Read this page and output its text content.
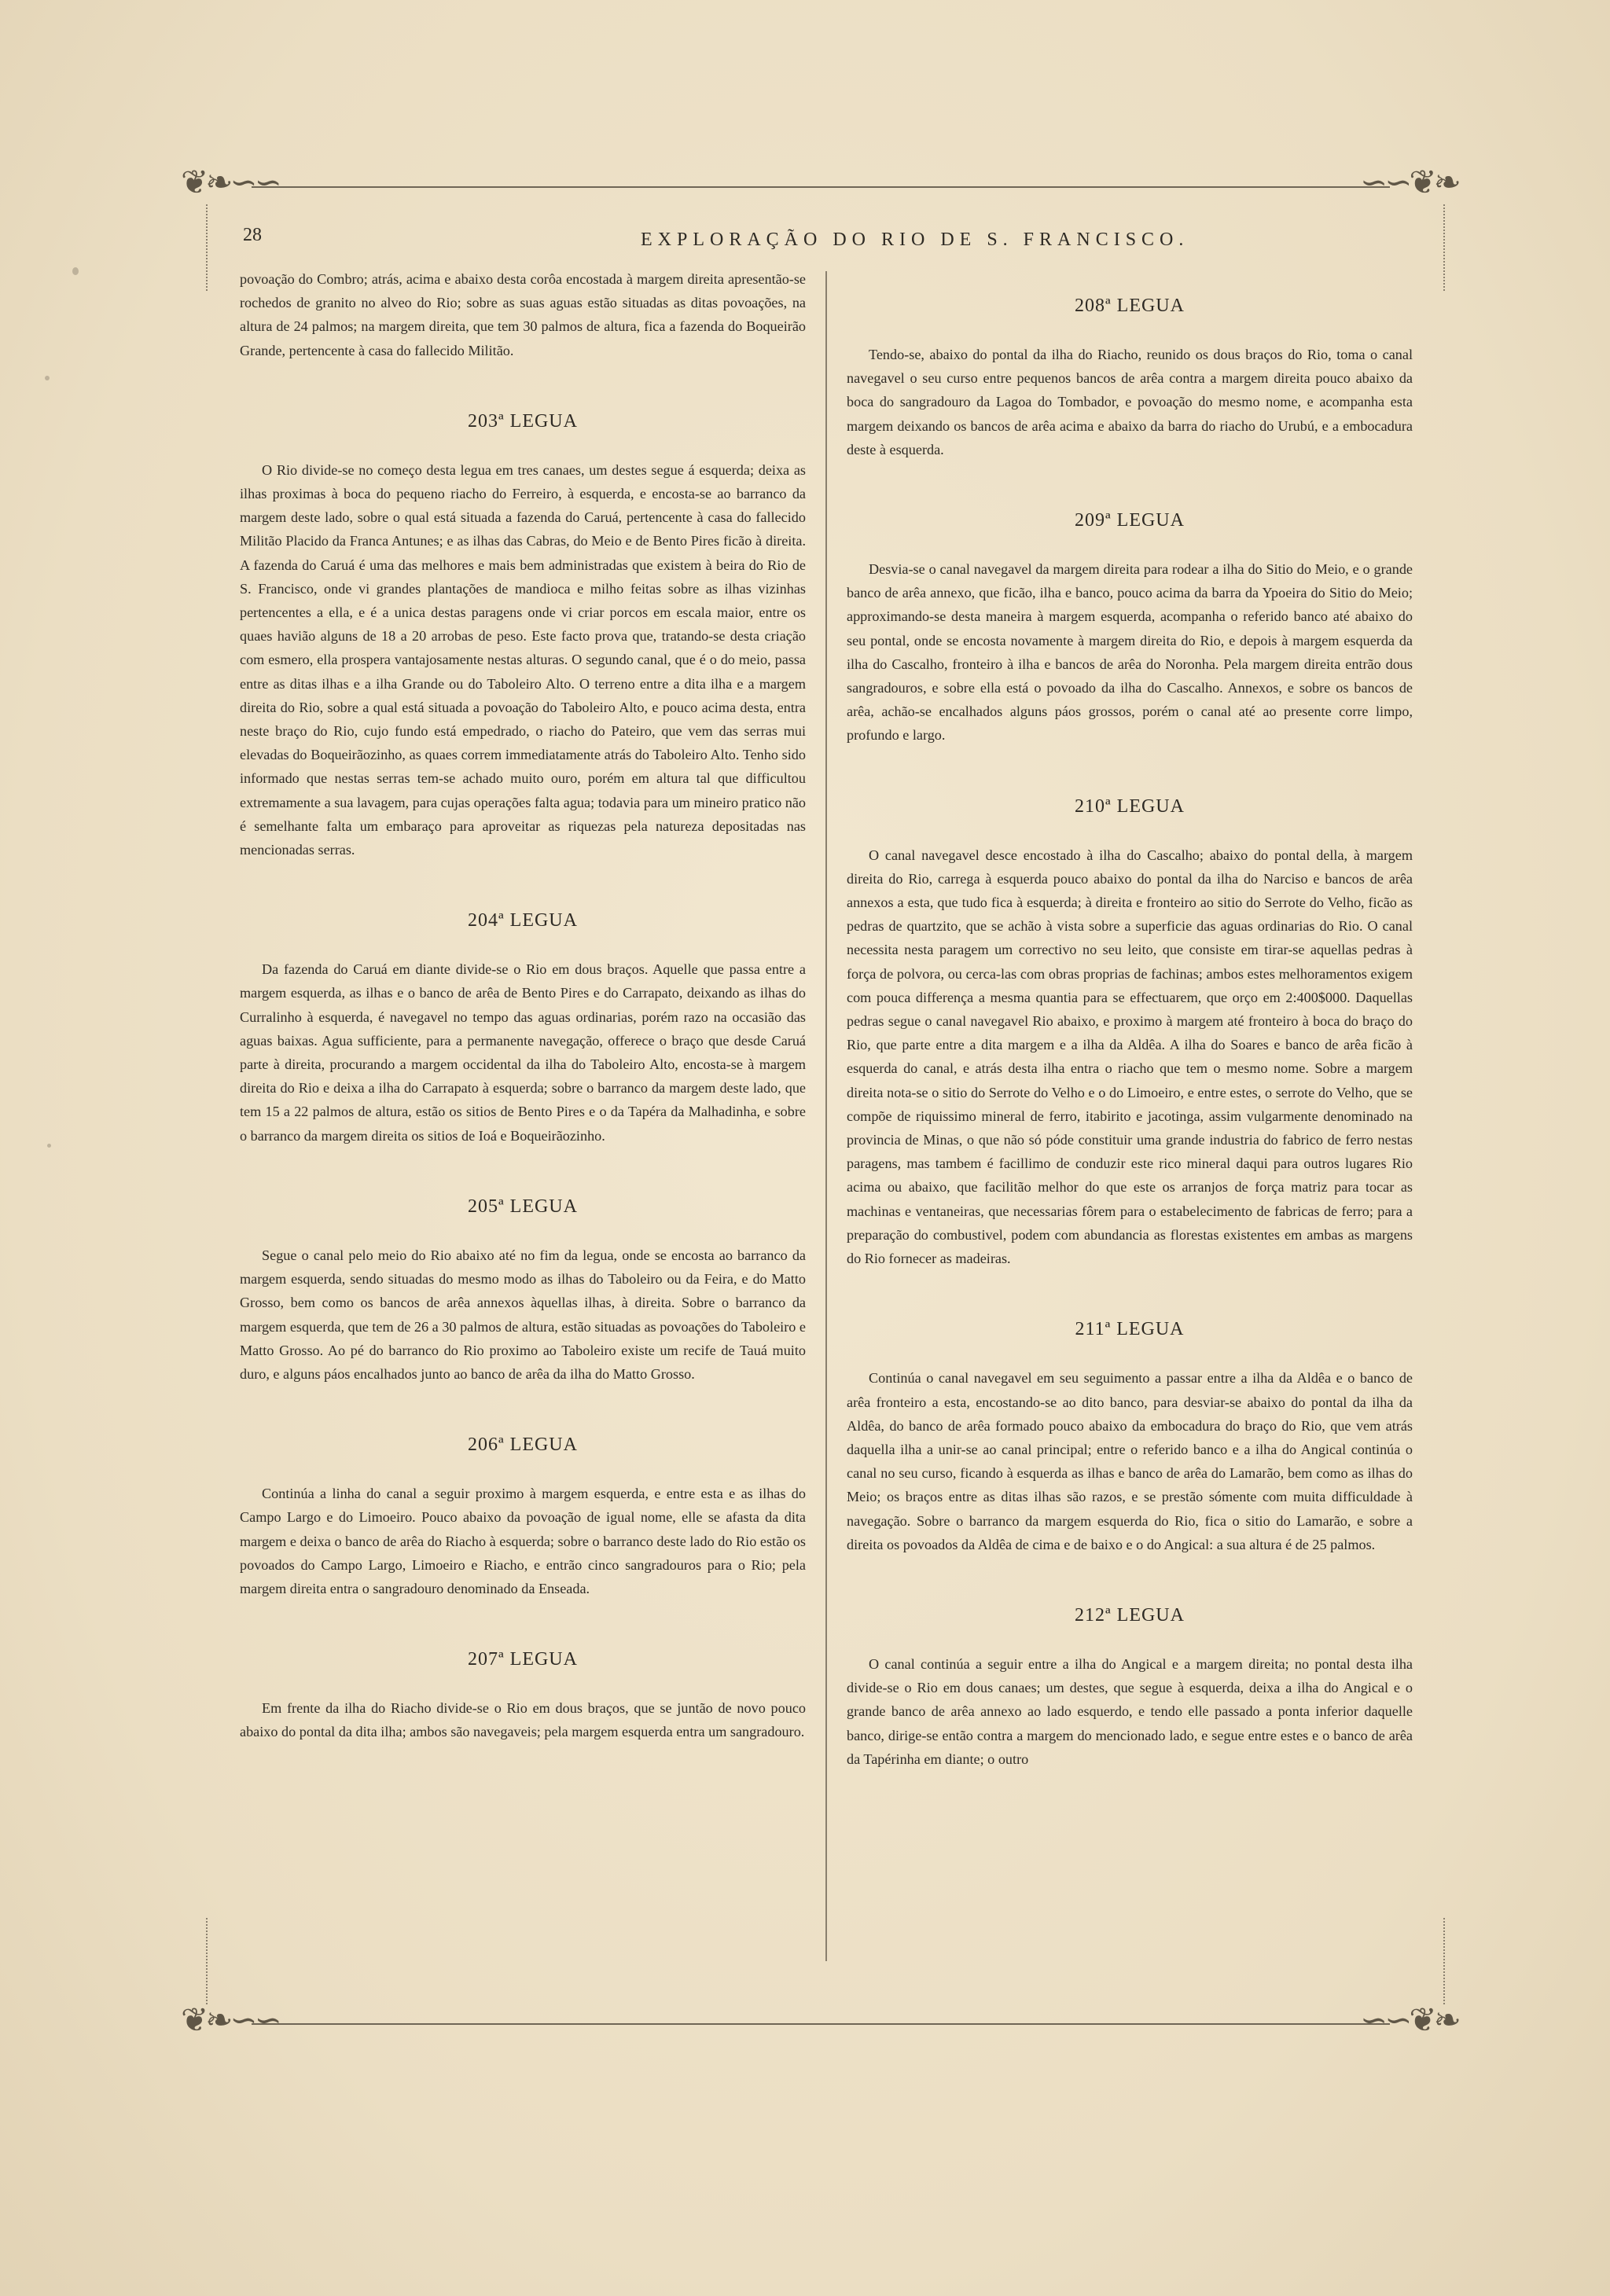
❦❧∽∽	∽∽❦❧
❦❧∽∽	∽∽❦❧
28	EXPLORAÇÃO DO RIO DE S. FRANCISCO.

povoação do Combro; atrás, acima e abaixo desta corôa encostada à margem direita apresentão-se rochedos de granito no alveo do Rio; sobre as suas aguas estão situadas as ditas povoações, na altura de 24 palmos; na margem direita, que tem 30 palmos de altura, fica a fazenda do Boqueirão Grande, pertencente à casa do fallecido Militão.

203ª LEGUA

O Rio divide-se no começo desta legua em tres canaes, um destes segue á esquerda; deixa as ilhas proximas à boca do pequeno riacho do Ferreiro, à esquerda, e encosta-se ao barranco da margem deste lado, sobre o qual está situada a fazenda do Caruá, pertencente à casa do fallecido Militão Placido da Franca Antunes; e as ilhas das Cabras, do Meio e de Bento Pires ficão à direita. A fazenda do Caruá é uma das melhores e mais bem administradas que existem à beira do Rio de S. Francisco, onde vi grandes plantações de mandioca e milho feitas sobre as ilhas vizinhas pertencentes a ella, e é a unica destas paragens onde vi criar porcos em escala maior, entre os quaes havião alguns de 18 a 20 arrobas de peso. Este facto prova que, tratando-se desta criação com esmero, ella prospera vantajosamente nestas alturas. O segundo canal, que é o do meio, passa entre as ditas ilhas e a ilha Grande ou do Taboleiro Alto. O terreno entre a dita ilha e a margem direita do Rio, sobre a qual está situada a povoação do Taboleiro Alto, e pouco acima desta, entra neste braço do Rio, cujo fundo está empedrado, o riacho do Pateiro, que vem das serras mui elevadas do Boqueirãozinho, as quaes correm immediatamente atrás do Taboleiro Alto. Tenho sido informado que nestas serras tem-se achado muito ouro, porém em altura tal que difficultou extremamente a sua lavagem, para cujas operações falta agua; todavia para um mineiro pratico não é semelhante falta um embaraço para aproveitar as riquezas pela natureza depositadas nas mencionadas serras.

204ª LEGUA

Da fazenda do Caruá em diante divide-se o Rio em dous braços. Aquelle que passa entre a margem esquerda, as ilhas e o banco de arêa de Bento Pires e do Carrapato, deixando as ilhas do Curralinho à esquerda, é navegavel no tempo das aguas ordinarias, porém razo na occasião das aguas baixas. Agua sufficiente, para a permanente navegação, offerece o braço que desde Caruá parte à direita, procurando a margem occidental da ilha do Taboleiro Alto, encosta-se à margem direita do Rio e deixa a ilha do Carrapato à esquerda; sobre o barranco da margem deste lado, que tem 15 a 22 palmos de altura, estão os sitios de Bento Pires e o da Tapéra da Malhadinha, e sobre o barranco da margem direita os sitios de Ioá e Boqueirãozinho.

205ª LEGUA

Segue o canal pelo meio do Rio abaixo até no fim da legua, onde se encosta ao barranco da margem esquerda, sendo situadas do mesmo modo as ilhas do Taboleiro ou da Feira, e do Matto Grosso, bem como os bancos de arêa annexos àquellas ilhas, à direita. Sobre o barranco da margem esquerda, que tem de 26 a 30 palmos de altura, estão situadas as povoações do Taboleiro e Matto Grosso. Ao pé do barranco do Rio proximo ao Taboleiro existe um recife de Tauá muito duro, e alguns páos encalhados junto ao banco de arêa da ilha do Matto Grosso.

206ª LEGUA

Continúa a linha do canal a seguir proximo à margem esquerda, e entre esta e as ilhas do Campo Largo e do Limoeiro. Pouco abaixo da povoação de igual nome, elle se afasta da dita margem e deixa o banco de arêa do Riacho à esquerda; sobre o barranco deste lado do Rio estão os povoados do Campo Largo, Limoeiro e Riacho, e entrão cinco sangradouros para o Rio; pela margem direita entra o sangradouro denominado da Enseada.

207ª LEGUA

Em frente da ilha do Riacho divide-se o Rio em dous braços, que se juntão de novo pouco abaixo do pontal da dita ilha; ambos são navegaveis; pela margem esquerda entra um sangradouro.

208ª LEGUA

Tendo-se, abaixo do pontal da ilha do Riacho, reunido os dous braços do Rio, toma o canal navegavel o seu curso entre pequenos bancos de arêa contra a margem direita pouco abaixo da boca do sangradouro da Lagoa do Tombador, e povoação do mesmo nome, e acompanha esta margem deixando os bancos de arêa acima e abaixo da barra do riacho do Urubú, e a embocadura deste à esquerda.

209ª LEGUA

Desvia-se o canal navegavel da margem direita para rodear a ilha do Sitio do Meio, e o grande banco de arêa annexo, que ficão, ilha e banco, pouco acima da barra da Ypoeira do Sitio do Meio; approximando-se desta maneira à margem esquerda, acompanha o referido banco até abaixo do seu pontal, onde se encosta novamente à margem direita do Rio, e depois à margem esquerda da ilha do Cascalho, fronteiro à ilha e bancos de arêa do Noronha. Pela margem direita entrão dous sangradouros, e sobre ella está o povoado da ilha do Cascalho. Annexos, e sobre os bancos de arêa, achão-se encalhados alguns páos grossos, porém o canal até ao presente corre limpo, profundo e largo.

210ª LEGUA

O canal navegavel desce encostado à ilha do Cascalho; abaixo do pontal della, à margem direita do Rio, carrega à esquerda pouco abaixo do pontal da ilha do Narciso e bancos de arêa annexos a esta, que tudo fica à esquerda; à direita e fronteiro ao sitio do Serrote do Velho, ficão as pedras de quartzito, que se achão à vista sobre a superficie das aguas ordinarias do Rio. O canal necessita nesta paragem um correctivo no seu leito, que consiste em tirar-se aquellas pedras à força de polvora, ou cerca-las com obras proprias de fachinas; ambos estes melhoramentos exigem com pouca differença a mesma quantia para se effectuarem, que orço em 2:400$000. Daquellas pedras segue o canal navegavel Rio abaixo, e proximo à margem até fronteiro à boca do braço do Rio, que parte entre a dita margem e a ilha da Aldêa. A ilha do Soares e banco de arêa ficão à esquerda do canal, e atrás desta ilha entra o riacho que tem o mesmo nome. Sobre a margem direita nota-se o sitio do Serrote do Velho e o do Limoeiro, e entre estes, o serrote do Velho, que se compõe de riquissimo mineral de ferro, itabirito e jacotinga, assim vulgarmente denominado na provincia de Minas, o que não só póde constituir uma grande industria do fabrico de ferro nestas paragens, mas tambem é facillimo de conduzir este rico mineral daqui para outros lugares Rio acima ou abaixo, que facilitão melhor do que este os arranjos de força matriz para tocar as machinas e ventaneiras, que necessarias fôrem para o estabelecimento de fabricas de ferro; para a preparação do combustivel, podem com abundancia as florestas existentes em ambas as margens do Rio fornecer as madeiras.

211ª LEGUA

Continúa o canal navegavel em seu seguimento a passar entre a ilha da Aldêa e o banco de arêa fronteiro a esta, encostando-se ao dito banco, para desviar-se abaixo do pontal da ilha da Aldêa, do banco de arêa formado pouco abaixo da embocadura do braço do Rio, que vem atrás daquella ilha a unir-se ao canal principal; entre o referido banco e a ilha do Angical continúa o canal no seu curso, ficando à esquerda as ilhas e banco de arêa do Lamarão, bem como as ilhas do Meio; os braços entre as ditas ilhas são razos, e se prestão sómente com muita difficuldade à navegação. Sobre o barranco da margem esquerda do Rio, fica o sitio do Lamarão, e sobre a direita os povoados da Aldêa de cima e de baixo e o do Angical: a sua altura é de 25 palmos.

212ª LEGUA

O canal continúa a seguir entre a ilha do Angical e a margem direita; no pontal desta ilha divide-se o Rio em dous canaes; um destes, que segue à esquerda, deixa a ilha do Angical e o grande banco de arêa annexo ao lado esquerdo, e tendo elle passado a ponta inferior daquelle banco, dirige-se então contra a margem do mencionado lado, e segue entre estes e o banco de arêa da Tapérinha em diante; o outro
